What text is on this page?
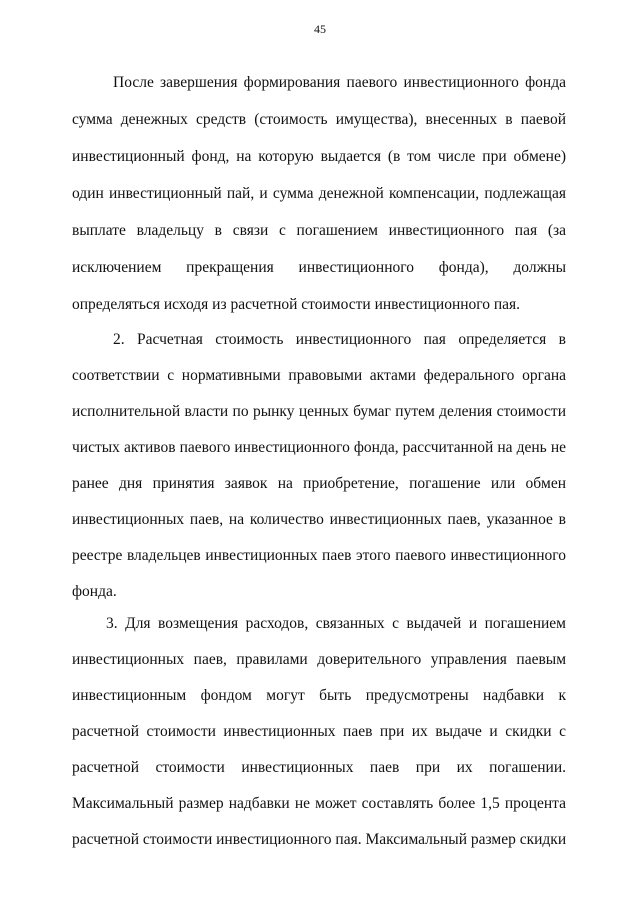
45
После завершения формирования паевого инвестиционного фонда
сумма денежных средств (стоимость имущества), внесенных в паевой
инвестиционный фонд, на которую выдается (в том числе при обмене)
один инвестиционный пай, и сумма денежной компенсации, подлежащая
выплате владельцу в связи с погашением инвестиционного пая (за
исключением прекращения инвестиционного фонда), должны
определяться исходя из расчетной стоимости инвестиционного пая.
2. Расчетная стоимость инвестиционного пая определяется в
соответствии с нормативными правовыми актами федерального органа
исполнительной власти по рынку ценных бумаг путем деления стоимости
чистых активов паевого инвестиционного фонда, рассчитанной на день не
ранее дня принятия заявок на приобретение, погашение или обмен
инвестиционных паев, на количество инвестиционных паев, указанное в
реестре владельцев инвестиционных паев этого паевого инвестиционного
фонда.
3. Для возмещения расходов, связанных с выдачей и погашением
инвестиционных паев, правилами доверительного управления паевым
инвестиционным фондом могут быть предусмотрены надбавки к
расчетной стоимости инвестиционных паев при их выдаче и скидки с
расчетной стоимости инвестиционных паев при их погашении.
Максимальный размер надбавки не может составлять более 1,5 процента
расчетной стоимости инвестиционного пая. Максимальный размер скидки
